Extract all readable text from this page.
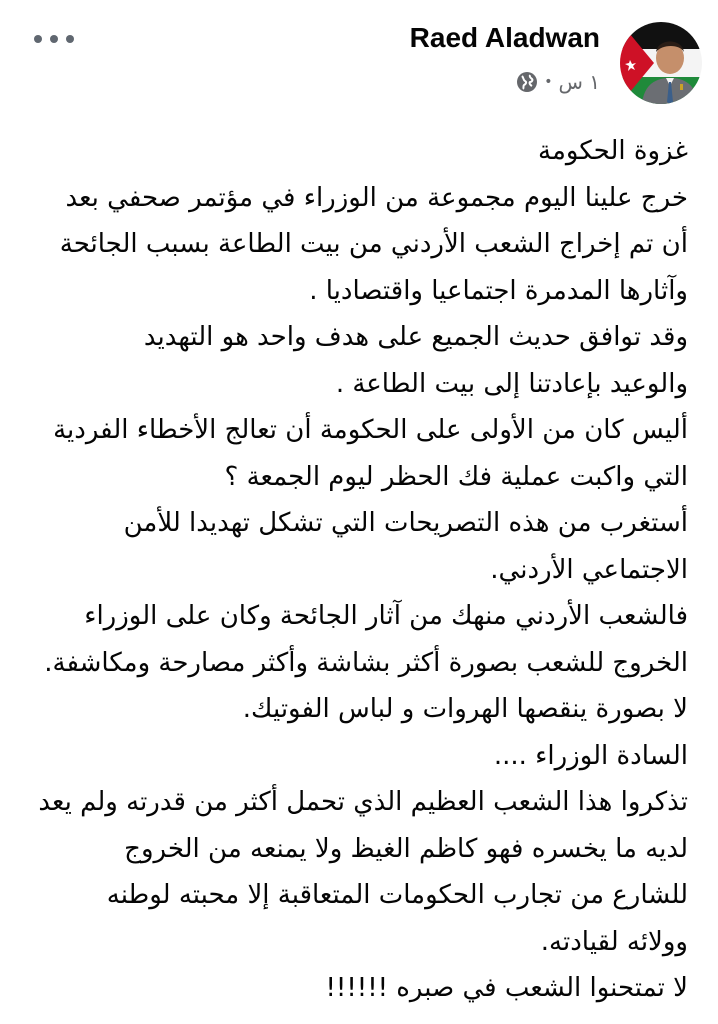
Raed Aladwan
١ س
•
غزوة الحكومة
خرج علينا اليوم مجموعة من الوزراء في مؤتمر صحفي بعد
أن تم إخراج الشعب الأردني من بيت الطاعة بسبب الجائحة
وآثارها المدمرة اجتماعيا واقتصاديا .
وقد توافق حديث الجميع على هدف واحد هو التهديد
والوعيد بإعادتنا إلى بيت الطاعة .
أليس كان من الأولى على الحكومة أن تعالج الأخطاء الفردية
التي واكبت عملية فك الحظر ليوم الجمعة ؟
أستغرب من هذه التصريحات التي تشكل تهديدا للأمن
الاجتماعي الأردني.
فالشعب الأردني منهك من آثار الجائحة وكان على الوزراء
الخروج للشعب بصورة أكثر بشاشة وأكثر مصارحة ومكاشفة.
لا بصورة ينقصها الهروات و لباس الفوتيك.
السادة الوزراء ....
تذكروا هذا الشعب العظيم الذي تحمل أكثر من قدرته ولم يعد
لديه ما يخسره فهو كاظم الغيظ ولا يمنعه من الخروج
للشارع من تجارب الحكومات المتعاقبة إلا محبته لوطنه
وولائه لقيادته.
لا تمتحنوا الشعب في صبره !!!!!!
